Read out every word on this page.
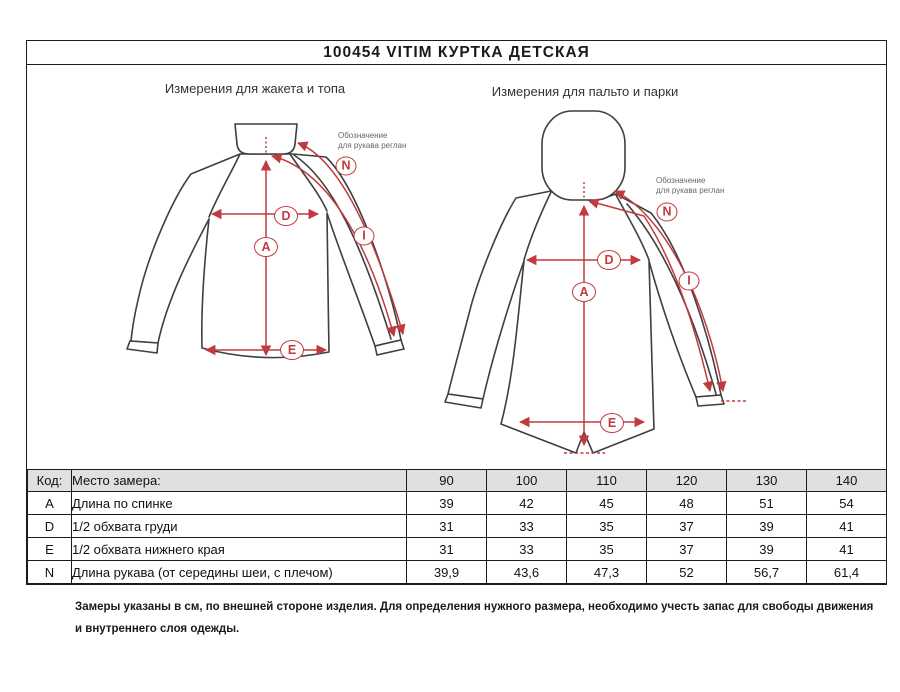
100454 VITIM КУРТКА ДЕТСКАЯ
Измерения для жакета и топа	Измерения для пальто и парки
N
D
A
I
E
N
D
A
I
E
Обозначение
для рукава реглан
Обозначение
для рукава реглан
Код:	Место замера:	90	100	110	120	130	140
A	Длина по спинке	39	42	45	48	51	54
D	1/2 обхвата груди	31	33	35	37	39	41
E	1/2 обхвата нижнего края	31	33	35	37	39	41
N	Длина рукава (от середины шеи, с плечом)	39,9	43,6	47,3	52	56,7	61,4
Замеры указаны в см, по внешней стороне изделия. Для определения нужного размера, необходимо учесть запас для свободы движения
и внутреннего слоя одежды.
